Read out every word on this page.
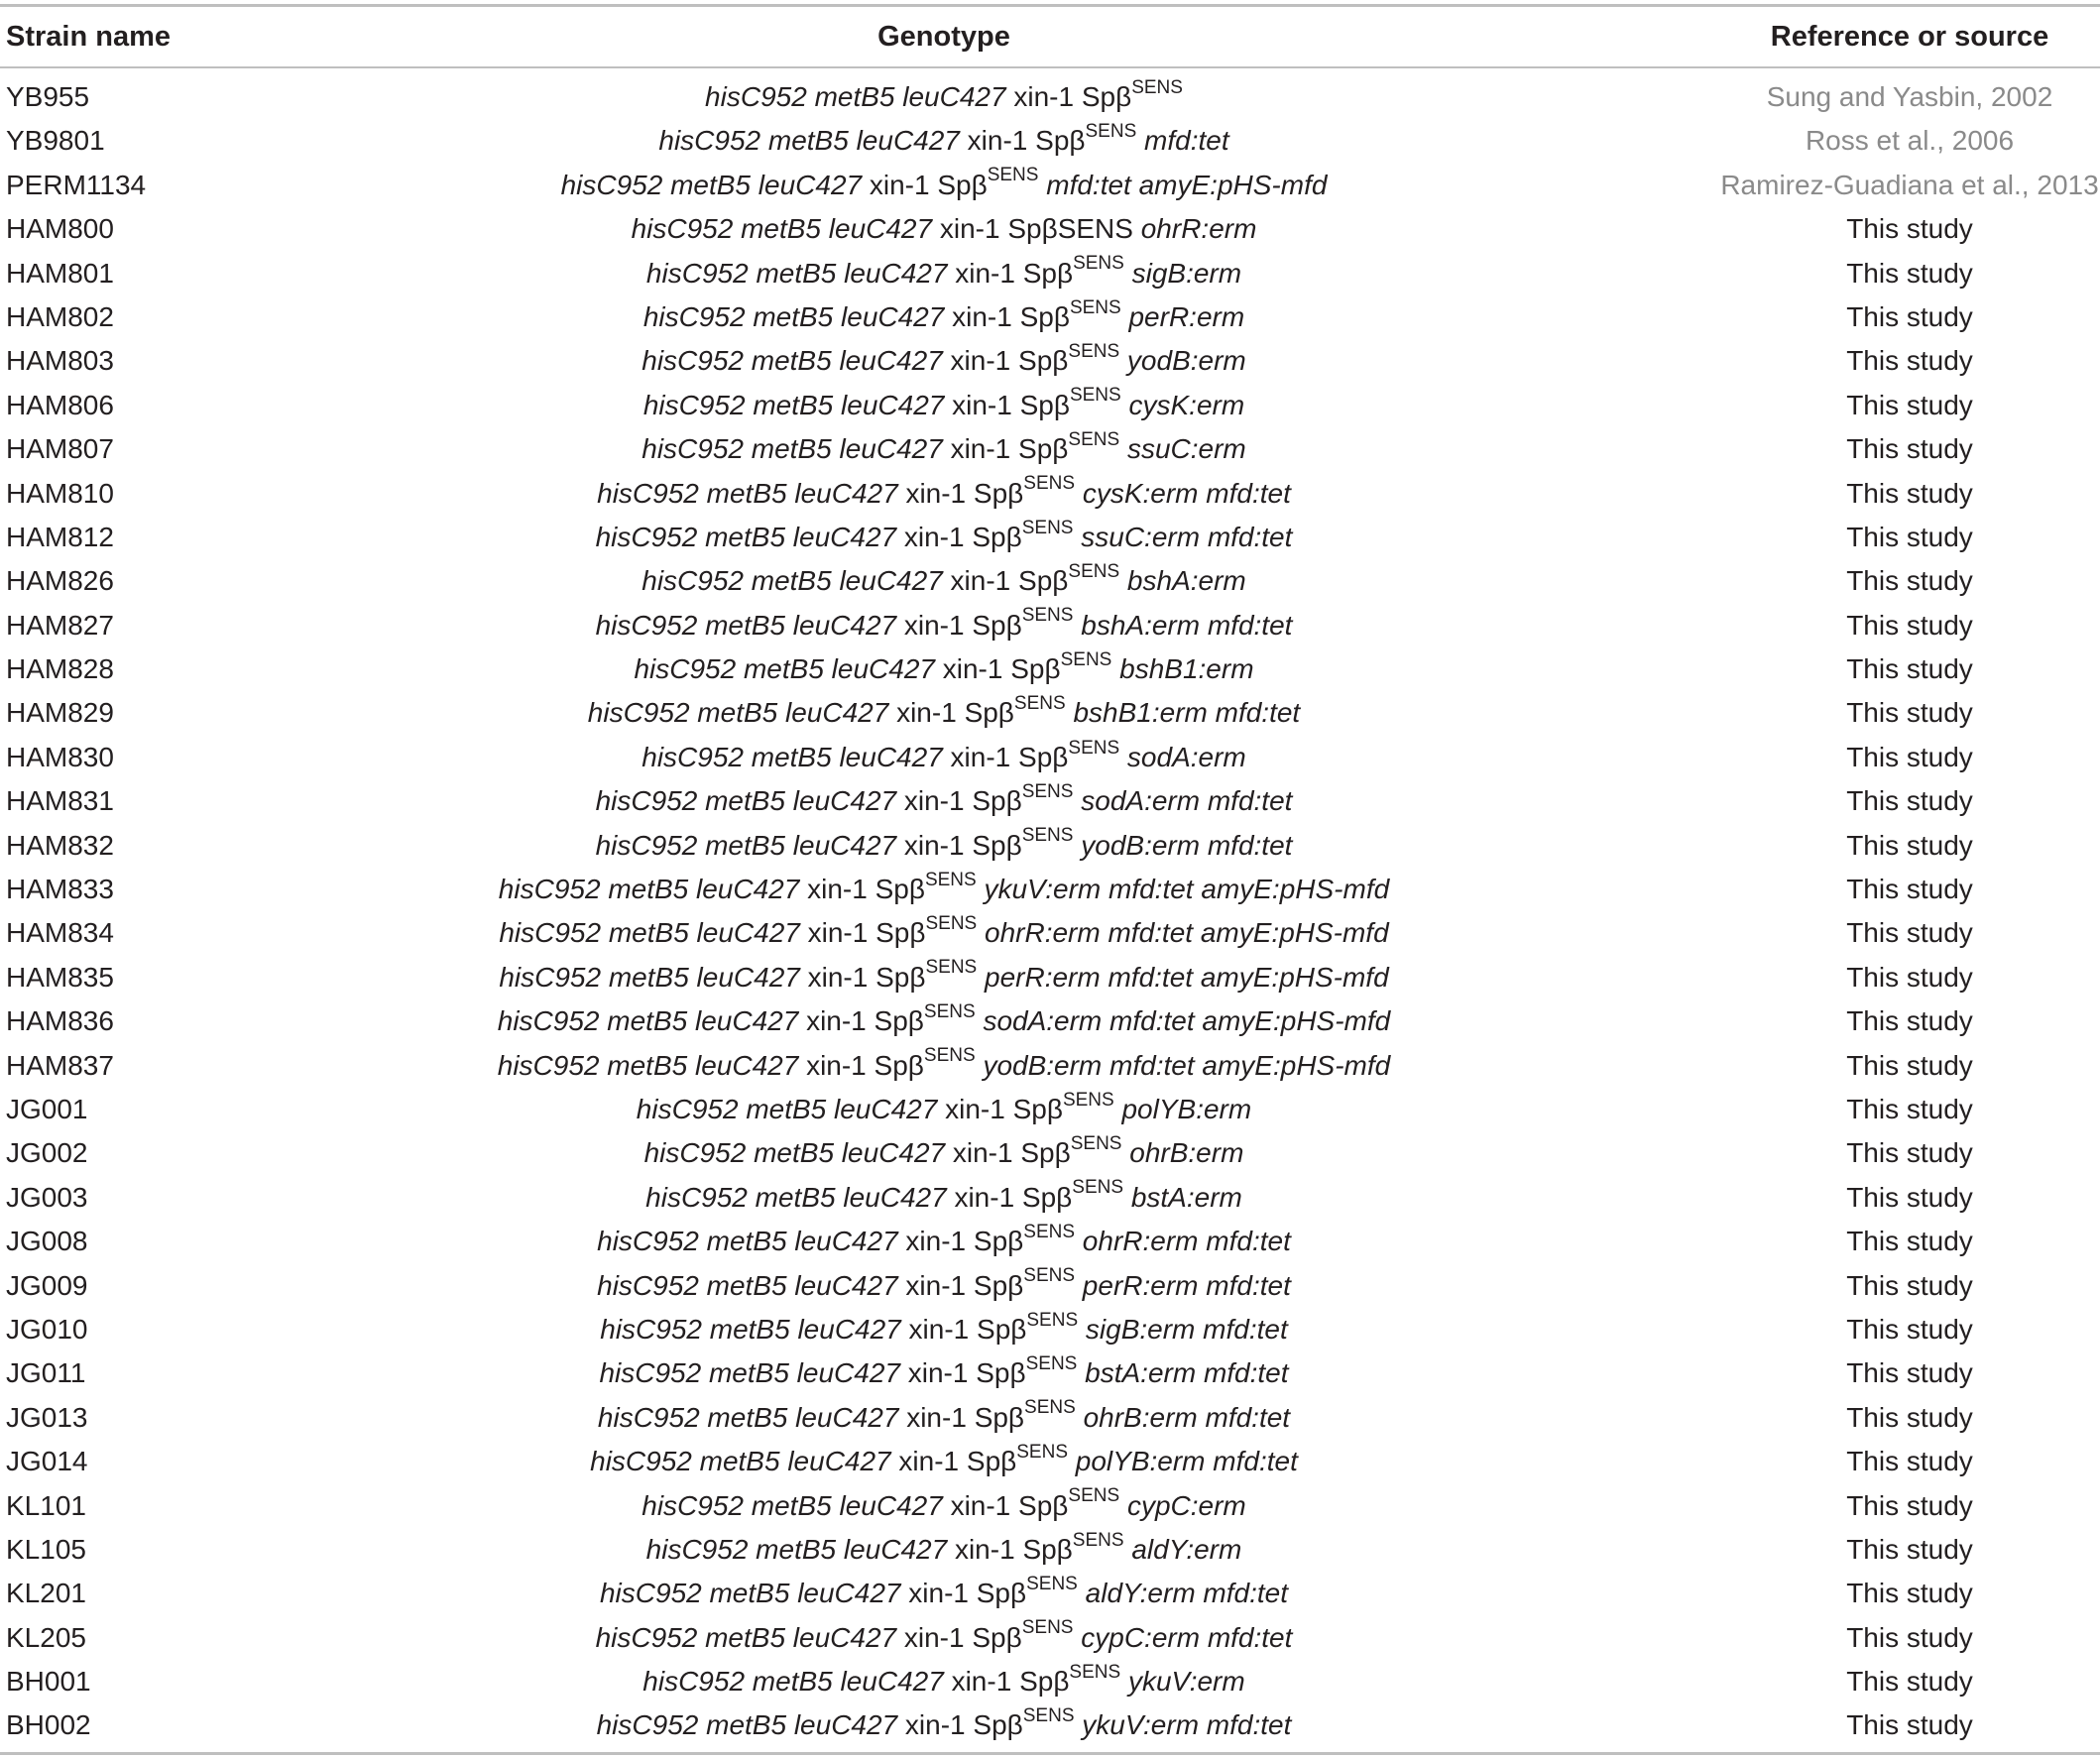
Strain name	Genotype	Reference or source
YB955	hisC952 metB5 leuC427 xin-1 Spβ$^{SENS}$	Sung and Yasbin, 2002
YB9801	hisC952 metB5 leuC427 xin-1 Spβ$^{SENS}$ mfd:tet	Ross et al., 2006
PERM1134	hisC952 metB5 leuC427 xin-1 Spβ$^{SENS}$ mfd:tet amyE:pHS-mfd	Ramirez-Guadiana et al., 2013
HAM800	hisC952 metB5 leuC427 xin-1 SpβSENS ohrR:erm	This study
HAM801	hisC952 metB5 leuC427 xin-1 Spβ$^{SENS}$ sigB:erm	This study
HAM802	hisC952 metB5 leuC427 xin-1 Spβ$^{SENS}$ perR:erm	This study
HAM803	hisC952 metB5 leuC427 xin-1 Spβ$^{SENS}$ yodB:erm	This study
HAM806	hisC952 metB5 leuC427 xin-1 Spβ$^{SENS}$ cysK:erm	This study
HAM807	hisC952 metB5 leuC427 xin-1 Spβ$^{SENS}$ ssuC:erm	This study
HAM810	hisC952 metB5 leuC427 xin-1 Spβ$^{SENS}$ cysK:erm mfd:tet	This study
HAM812	hisC952 metB5 leuC427 xin-1 Spβ$^{SENS}$ ssuC:erm mfd:tet	This study
HAM826	hisC952 metB5 leuC427 xin-1 Spβ$^{SENS}$ bshA:erm	This study
HAM827	hisC952 metB5 leuC427 xin-1 Spβ$^{SENS}$ bshA:erm mfd:tet	This study
HAM828	hisC952 metB5 leuC427 xin-1 Spβ$^{SENS}$ bshB1:erm	This study
HAM829	hisC952 metB5 leuC427 xin-1 Spβ$^{SENS}$ bshB1:erm mfd:tet	This study
HAM830	hisC952 metB5 leuC427 xin-1 Spβ$^{SENS}$ sodA:erm	This study
HAM831	hisC952 metB5 leuC427 xin-1 Spβ$^{SENS}$ sodA:erm mfd:tet	This study
HAM832	hisC952 metB5 leuC427 xin-1 Spβ$^{SENS}$ yodB:erm mfd:tet	This study
HAM833	hisC952 metB5 leuC427 xin-1 Spβ$^{SENS}$ ykuV:erm mfd:tet amyE:pHS-mfd	This study
HAM834	hisC952 metB5 leuC427 xin-1 Spβ$^{SENS}$ ohrR:erm mfd:tet amyE:pHS-mfd	This study
HAM835	hisC952 metB5 leuC427 xin-1 Spβ$^{SENS}$ perR:erm mfd:tet amyE:pHS-mfd	This study
HAM836	hisC952 metB5 leuC427 xin-1 Spβ$^{SENS}$ sodA:erm mfd:tet amyE:pHS-mfd	This study
HAM837	hisC952 metB5 leuC427 xin-1 Spβ$^{SENS}$ yodB:erm mfd:tet amyE:pHS-mfd	This study
JG001	hisC952 metB5 leuC427 xin-1 Spβ$^{SENS}$ polYB:erm	This study
JG002	hisC952 metB5 leuC427 xin-1 Spβ$^{SENS}$ ohrB:erm	This study
JG003	hisC952 metB5 leuC427 xin-1 Spβ$^{SENS}$ bstA:erm	This study
JG008	hisC952 metB5 leuC427 xin-1 Spβ$^{SENS}$ ohrR:erm mfd:tet	This study
JG009	hisC952 metB5 leuC427 xin-1 Spβ$^{SENS}$ perR:erm mfd:tet	This study
JG010	hisC952 metB5 leuC427 xin-1 Spβ$^{SENS}$ sigB:erm mfd:tet	This study
JG011	hisC952 metB5 leuC427 xin-1 Spβ$^{SENS}$ bstA:erm mfd:tet	This study
JG013	hisC952 metB5 leuC427 xin-1 Spβ$^{SENS}$ ohrB:erm mfd:tet	This study
JG014	hisC952 metB5 leuC427 xin-1 Spβ$^{SENS}$ polYB:erm mfd:tet	This study
KL101	hisC952 metB5 leuC427 xin-1 Spβ$^{SENS}$ cypC:erm	This study
KL105	hisC952 metB5 leuC427 xin-1 Spβ$^{SENS}$ aldY:erm	This study
KL201	hisC952 metB5 leuC427 xin-1 Spβ$^{SENS}$ aldY:erm mfd:tet	This study
KL205	hisC952 metB5 leuC427 xin-1 Spβ$^{SENS}$ cypC:erm mfd:tet	This study
BH001	hisC952 metB5 leuC427 xin-1 Spβ$^{SENS}$ ykuV:erm	This study
BH002	hisC952 metB5 leuC427 xin-1 Spβ$^{SENS}$ ykuV:erm mfd:tet	This study
